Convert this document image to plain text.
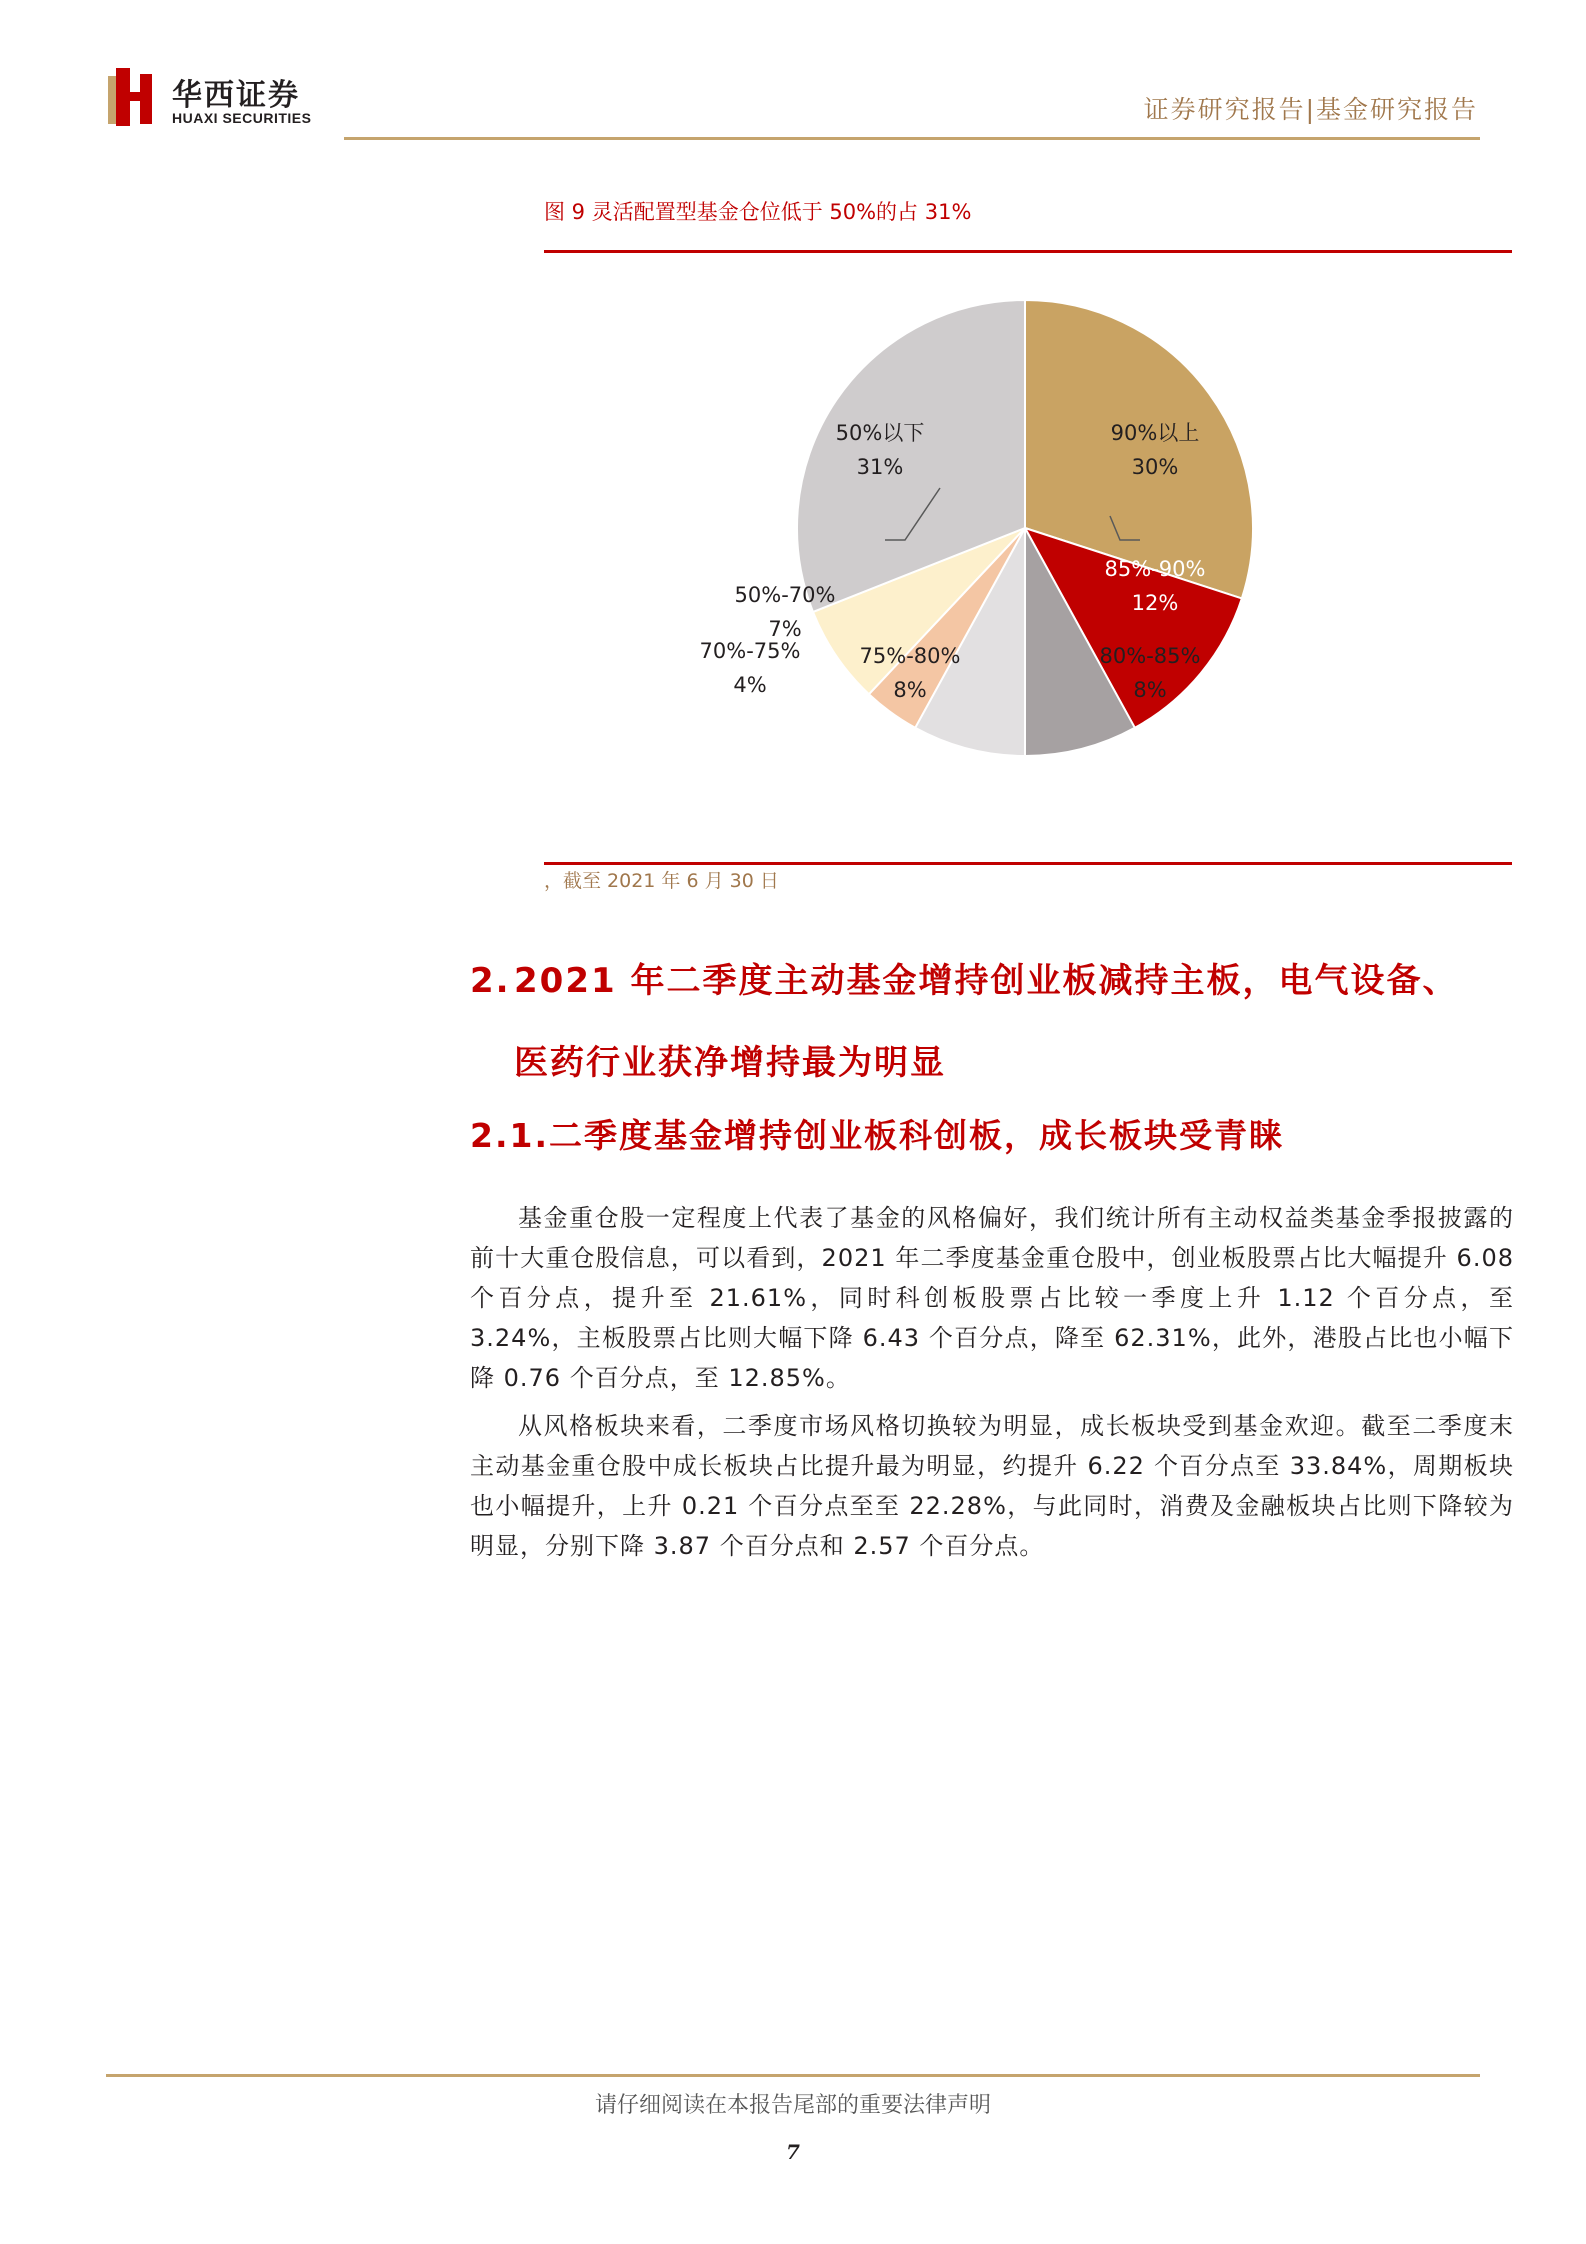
华西证券
HUAXI SECURITIES	证券研究报告|基金研究报告
图 9 灵活配置型基金仓位低于 50%的占 31%
90%以上
30%
85%-90%
12%
80%-85%
8%
75%-80%
8%
70%-75%
4%
50%-70%
7%
50%以下
31%
，截至 2021 年 6 月 30 日
2. 2021 年二季度主动基金增持创业板减持主板，电气设备、
医药行业获净增持最为明显
2.1.二季度基金增持创业板科创板，成长板块受青睐
基金重仓股一定程度上代表了基金的风格偏好，我们统计所有主动权益类基金季报披露的前十大重仓股信息，可以看到，2021 年二季度基金重仓股中，创业板股票占比大幅提升 6.08 个百分点，提升至 21.61%，同时科创板股票占比较一季度上升 1.12 个百分点，至 3.24%，主板股票占比则大幅下降 6.43 个百分点，降至 62.31%，此外，港股占比也小幅下降 0.76 个百分点，至 12.85%。
从风格板块来看，二季度市场风格切换较为明显，成长板块受到基金欢迎。截至二季度末主动基金重仓股中成长板块占比提升最为明显，约提升 6.22 个百分点至 33.84%，周期板块也小幅提升，上升 0.21 个百分点至至 22.28%，与此同时，消费及金融板块占比则下降较为明显，分别下降 3.87 个百分点和 2.57 个百分点。
请仔细阅读在本报告尾部的重要法律声明
7
